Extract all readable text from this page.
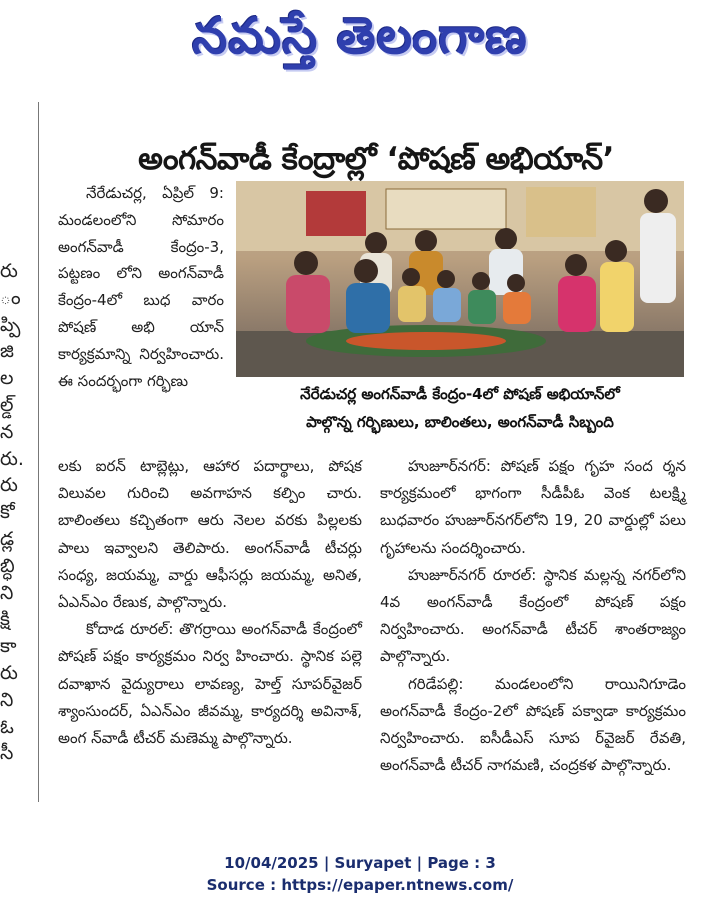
నమస్తే తెలంగాణ
రు
ం
ప్పి
జి
ల
ల్డ్
న
రు.
రు
కో
డ్ల
బ్ధి
ని
క్షి
కా
రు
ని
ఓ
సీ
అంగన్‌వాడీ కేంద్రాల్లో ‘పోషణ్ అభియాన్’

నేరేడుచర్ల, ఏప్రిల్ 9: మండలంలోని సోమారం అంగన్‌వాడీ కేంద్రం-3, పట్టణం లోని అంగన్‌వాడీ కేంద్రం-4లో బుధ వారం పోషణ్ అభి యాన్ కార్యక్రమాన్ని నిర్వహించారు. ఈ సందర్భంగా గర్భిణు

నేరేడుచర్ల అంగన్‌వాడీ కేంద్రం-4లో పోషణ్ అభియాన్‌లో
పాల్గొన్న గర్భిణులు, బాలింతలు, అంగన్‌వాడీ సిబ్బంది

లకు ఐరన్ టాబ్లెట్లు, ఆహార పదార్థాలు, పోషక విలువల గురించి అవగాహన కల్పిం చారు. బాలింతలు కచ్చితంగా ఆరు నెలల వరకు పిల్లలకు పాలు ఇవ్వాలని తెలిపారు. అంగన్‌వాడీ టీచర్లు సంధ్య, జయమ్మ, వార్డు ఆఫీసర్లు జయమ్మ, అనిత, ఏఎన్ఎం రేణుక, పాల్గొన్నారు.

కోదాడ రూరల్: తొగర్రాయి అంగన్‌వాడీ కేంద్రంలో పోషణ్ పక్షం కార్యక్రమం నిర్వ హించారు. స్థానిక పల్లె దవాఖాన వైద్యురాలు లావణ్య, హెల్త్ సూపర్‌వైజర్ శ్యాంసుందర్, ఏఎన్ఎం జీవమ్మ, కార్యదర్శి అవినాశ్, అంగ న్‌వాడీ టీచర్ మణెమ్మ పాల్గొన్నారు.

హుజూర్‌నగర్: పోషణ్ పక్షం గృహ సంద ర్శన కార్యక్రమంలో భాగంగా సీడీపీఓ వెంక టలక్ష్మి బుధవారం హుజూర్‌నగర్‌లోని 19, 20 వార్డుల్లో పలు గృహాలను సందర్శించారు.

హుజూర్‌నగర్ రూరల్: స్థానిక మల్లన్న నగర్‌లోని 4వ అంగన్‌వాడీ కేంద్రంలో పోషణ్ పక్షం నిర్వహించారు. అంగన్‌వాడీ టీచర్ శాంతరాజ్యం పాల్గొన్నారు.

గరిడేపల్లి: మండలంలోని రాయినిగూడెం అంగన్‌వాడీ కేంద్రం-2లో పోషణ్ పక్వాడా కార్యక్రమం నిర్వహించారు. ఐసీడీఎస్ సూప ర్‌వైజర్ రేవతి, అంగన్‌వాడీ టీచర్ నాగమణి, చంద్రకళ పాల్గొన్నారు.

10/04/2025 | Suryapet | Page : 3
Source : https://epaper.ntnews.com/
